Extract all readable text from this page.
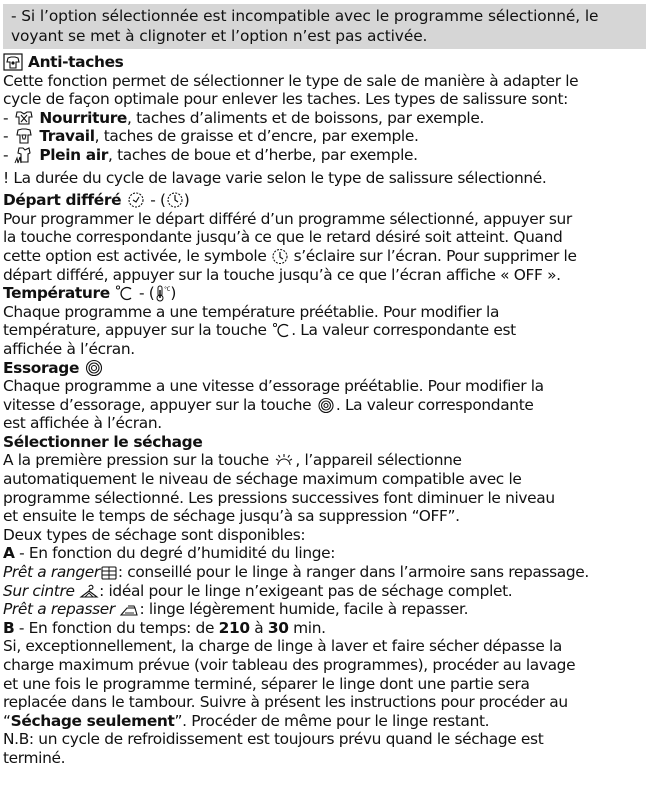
- Si l’option sélectionnée est incompatible avec le programme sélectionné, le voyant se met à clignoter et l’option n’est pas activée.
Anti-taches
Cette fonction permet de sélectionner le type de sale de manière à adapter le
cycle de façon optimale pour enlever les taches. Les types de salissure sont:
- Nourriture, taches d’aliments et de boissons, par exemple.
- Travail, taches de graisse et d’encre, par exemple.
- Plein air, taches de boue et d’herbe, par exemple.
! La durée du cycle de lavage varie selon le type de salissure sélectionné.
Départ différé - ( )
Pour programmer le départ différé d’un programme sélectionné, appuyer sur
la touche correspondante jusqu’à ce que le retard désiré soit atteint. Quand
cette option est activée, le symbole s’éclaire sur l’écran. Pour supprimer le
départ différé, appuyer sur la touche jusqu’à ce que l’écran affiche « OFF ».
Température - ( °C )
Chaque programme a une température préétablie. Pour modifier la
température, appuyer sur la touche . La valeur correspondante est
affichée à l’écran.
Essorage
Chaque programme a une vitesse d’essorage préétablie. Pour modifier la
vitesse d’essorage, appuyer sur la touche . La valeur correspondante
est affichée à l’écran.
Sélectionner le séchage
A la première pression sur la touche , l’appareil sélectionne
automatiquement le niveau de séchage maximum compatible avec le
programme sélectionné. Les pressions successives font diminuer le niveau
et ensuite le temps de séchage jusqu’à sa suppression “OFF”.
Deux types de séchage sont disponibles:
A - En fonction du degré d’humidité du linge:
Prêt a ranger : conseillé pour le linge à ranger dans l’armoire sans repassage.
Sur cintre : idéal pour le linge n’exigeant pas de séchage complet.
Prêt a repasser : linge légèrement humide, facile à repasser.
B - En fonction du temps: de 210 à 30 min.
Si, exceptionnellement, la charge de linge à laver et faire sécher dépasse la
charge maximum prévue (voir tableau des programmes), procéder au lavage
et une fois le programme terminé, séparer le linge dont une partie sera
replacée dans le tambour. Suivre à présent les instructions pour procéder au
“Séchage seulement”. Procéder de même pour le linge restant.
N.B: un cycle de refroidissement est toujours prévu quand le séchage est
terminé.
